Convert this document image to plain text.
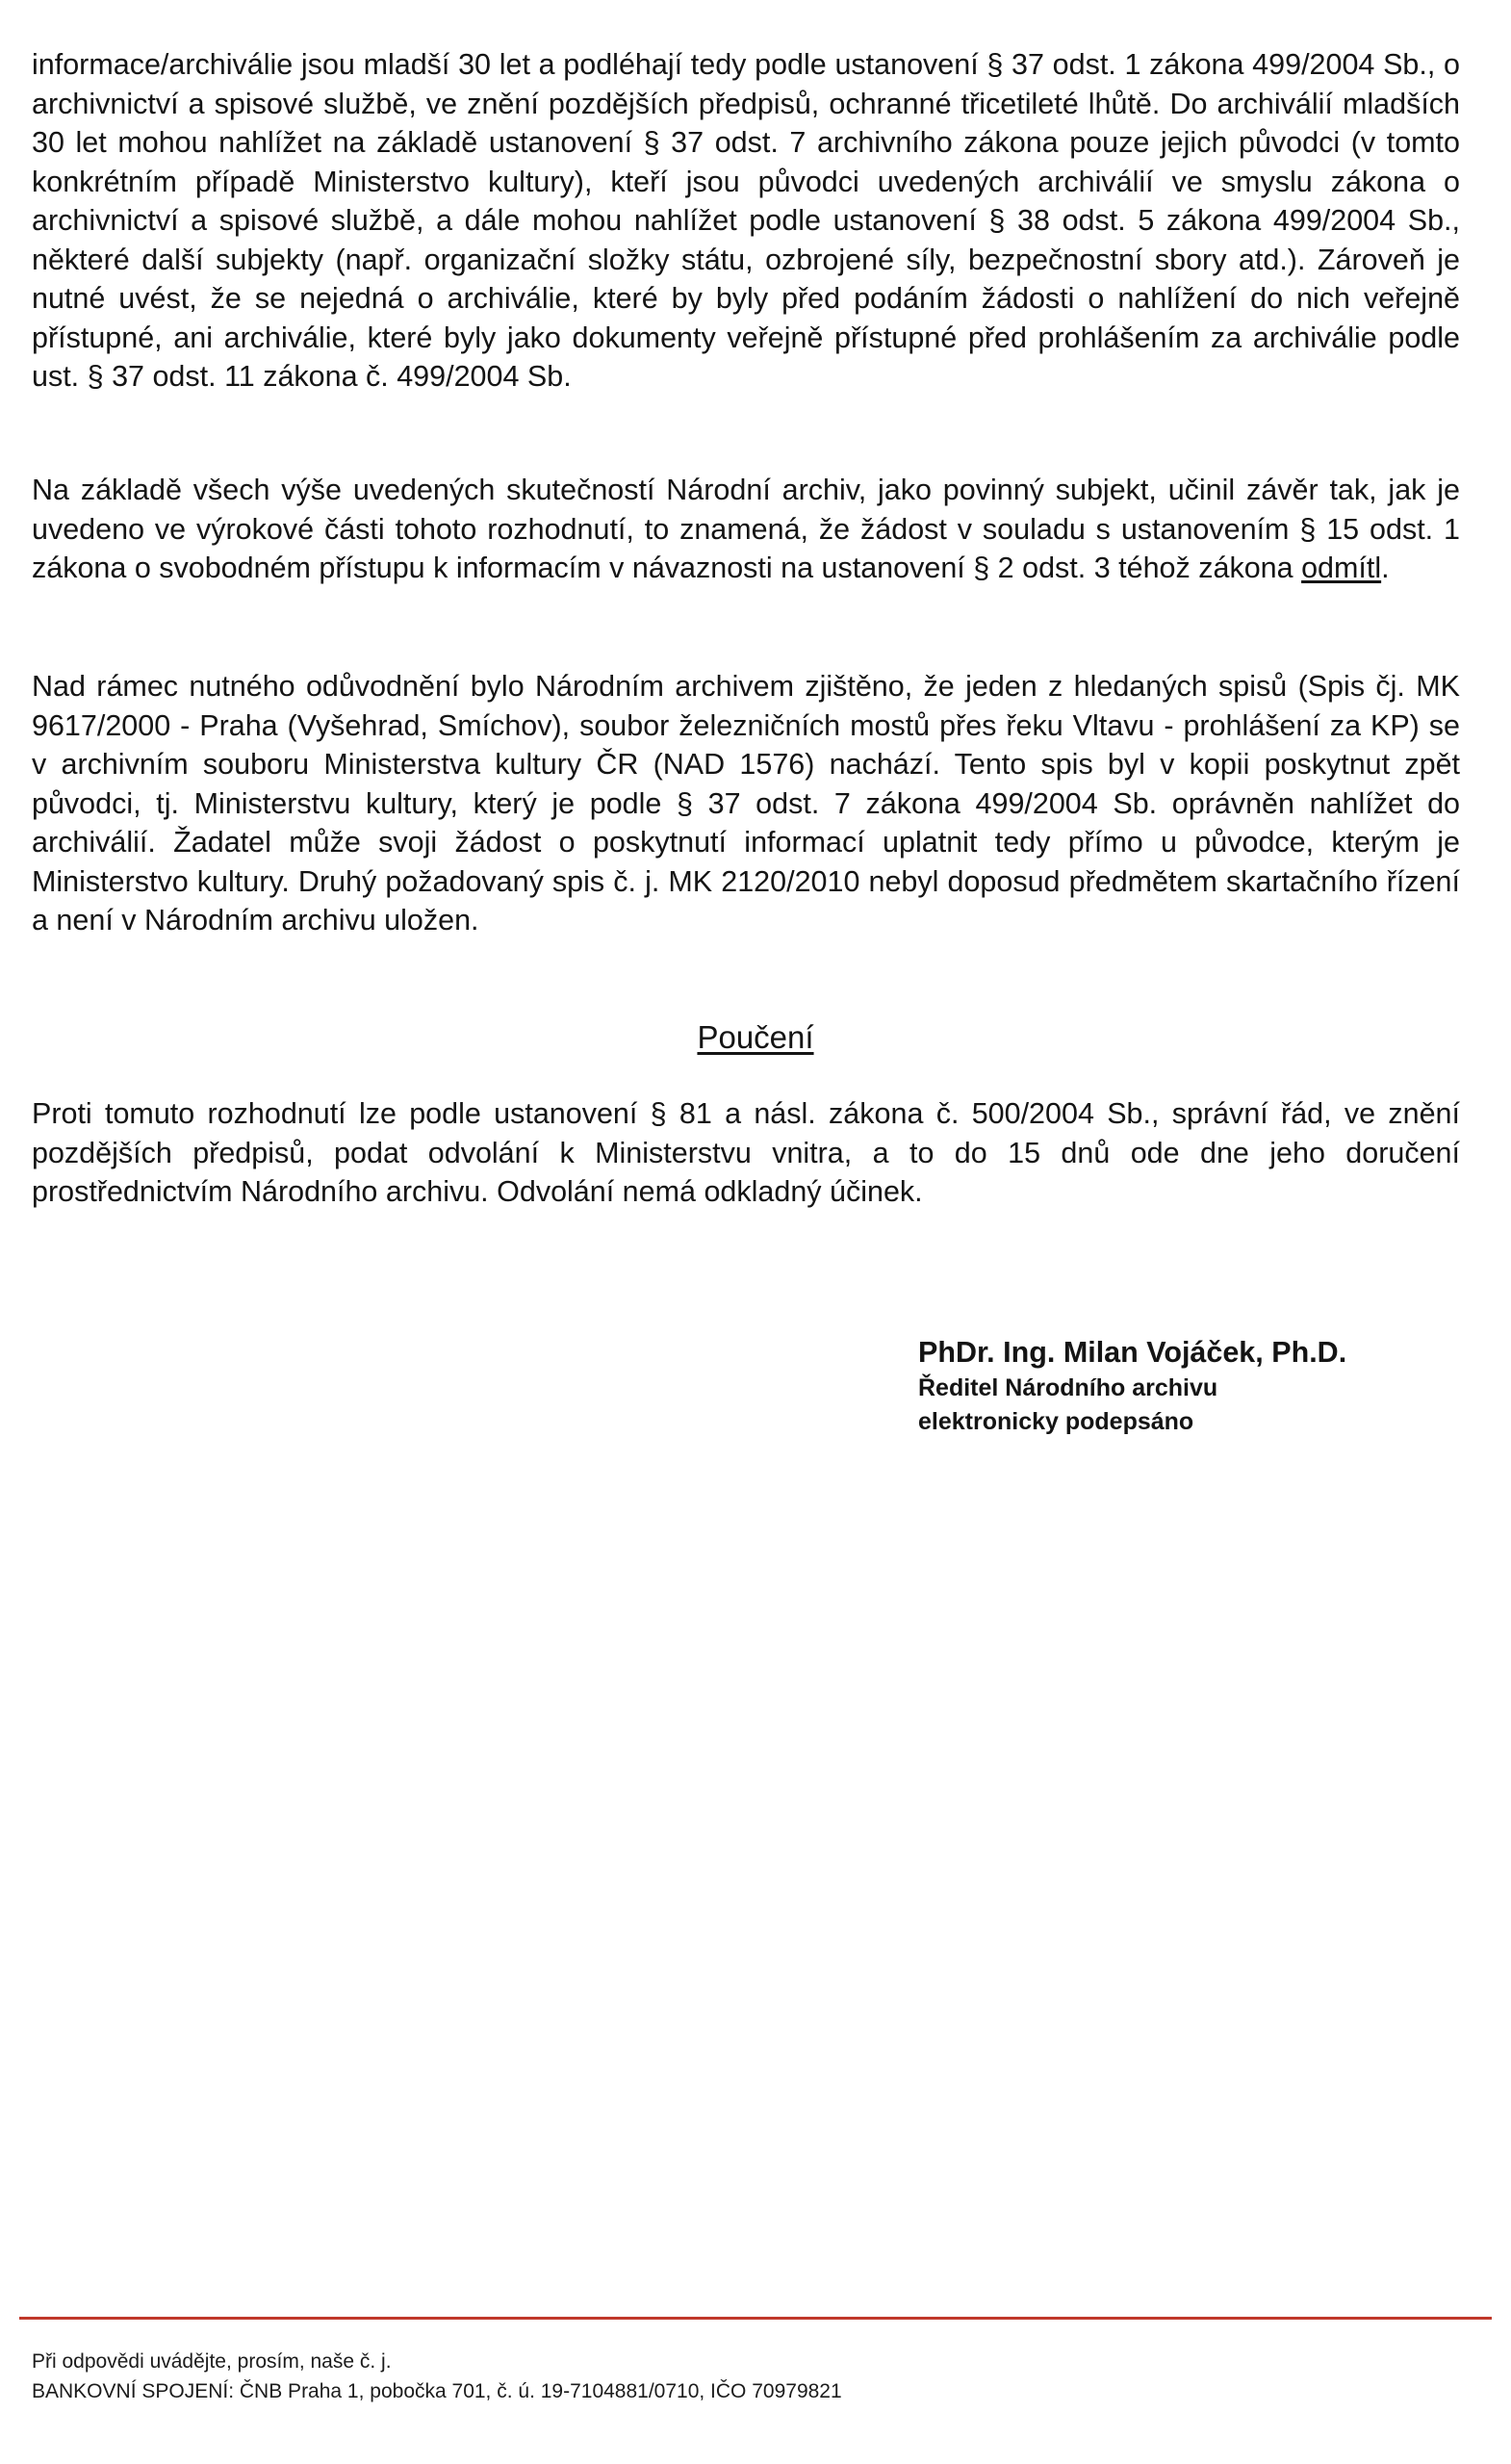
informace/archiválie jsou mladší 30 let a podléhají tedy podle ustanovení § 37 odst. 1 zákona 499/2004 Sb., o archivnictví a spisové službě, ve znění pozdějších předpisů, ochranné třicetileté lhůtě. Do archiválií mladších 30 let mohou nahlížet na základě ustanovení § 37 odst. 7 archivního zákona pouze jejich původci (v tomto konkrétním případě Ministerstvo kultury), kteří jsou původci uvedených archiválií ve smyslu zákona o archivnictví a spisové službě, a dále mohou nahlížet podle ustanovení § 38 odst. 5 zákona 499/2004 Sb., některé další subjekty (např. organizační složky státu, ozbrojené síly, bezpečnostní sbory atd.). Zároveň je nutné uvést, že se nejedná o archiválie, které by byly před podáním žádosti o nahlížení do nich veřejně přístupné, ani archiválie, které byly jako dokumenty veřejně přístupné před prohlášením za archiválie podle ust. § 37 odst. 11 zákona č. 499/2004 Sb.

Na základě všech výše uvedených skutečností Národní archiv, jako povinný subjekt, učinil závěr tak, jak je uvedeno ve výrokové části tohoto rozhodnutí, to znamená, že žádost v souladu s ustanovením § 15 odst. 1 zákona o svobodném přístupu k informacím v návaznosti na ustanovení § 2 odst. 3 téhož zákona odmítl.

Nad rámec nutného odůvodnění bylo Národním archivem zjištěno, že jeden z hledaných spisů (Spis čj. MK 9617/2000 - Praha (Vyšehrad, Smíchov), soubor železničních mostů přes řeku Vltavu - prohlášení za KP) se v archivním souboru Ministerstva kultury ČR (NAD 1576) nachází. Tento spis byl v kopii poskytnut zpět původci, tj. Ministerstvu kultury, který je podle § 37 odst. 7 zákona 499/2004 Sb. oprávněn nahlížet do archiválií. Žadatel může svoji žádost o poskytnutí informací uplatnit tedy přímo u původce, kterým je Ministerstvo kultury. Druhý požadovaný spis č. j. MK 2120/2010 nebyl doposud předmětem skartačního řízení a není v Národním archivu uložen.

Poučení

Proti tomuto rozhodnutí lze podle ustanovení § 81 a násl. zákona č. 500/2004 Sb., správní řád, ve znění pozdějších předpisů, podat odvolání k Ministerstvu vnitra, a to do 15 dnů ode dne jeho doručení prostřednictvím Národního archivu. Odvolání nemá odkladný účinek.

PhDr. Ing. Milan Vojáček, Ph.D.
Ředitel Národního archivu
elektronicky podepsáno
Při odpovědi uvádějte, prosím, naše č. j.
BANKOVNÍ SPOJENÍ: ČNB Praha 1, pobočka 701, č. ú. 19-7104881/0710, IČO 70979821
